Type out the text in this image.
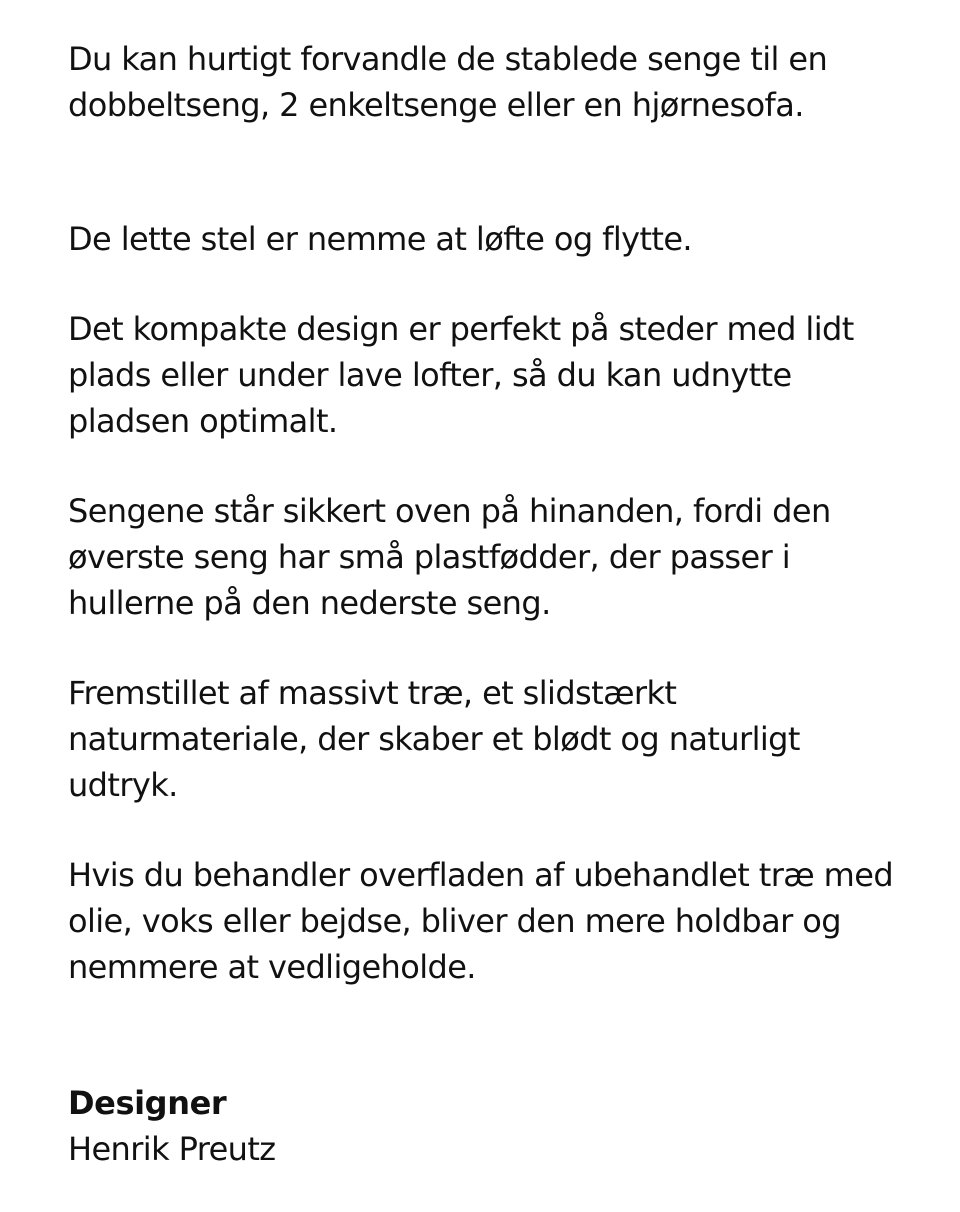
Du kan hurtigt forvandle de stablede senge til en dobbeltseng, 2 enkeltsenge eller en hjørnesofa.

De lette stel er nemme at løfte og flytte.

Det kompakte design er perfekt på steder med lidt plads eller under lave lofter, så du kan udnytte pladsen optimalt.

Sengene står sikkert oven på hinanden, fordi den øverste seng har små plastfødder, der passer i hullerne på den nederste seng.

Fremstillet af massivt træ, et slidstærkt naturmateriale, der skaber et blødt og naturligt udtryk.

Hvis du behandler overfladen af ubehandlet træ med olie, voks eller bejdse, bliver den mere holdbar og nemmere at vedligeholde.

Designer

Henrik Preutz
